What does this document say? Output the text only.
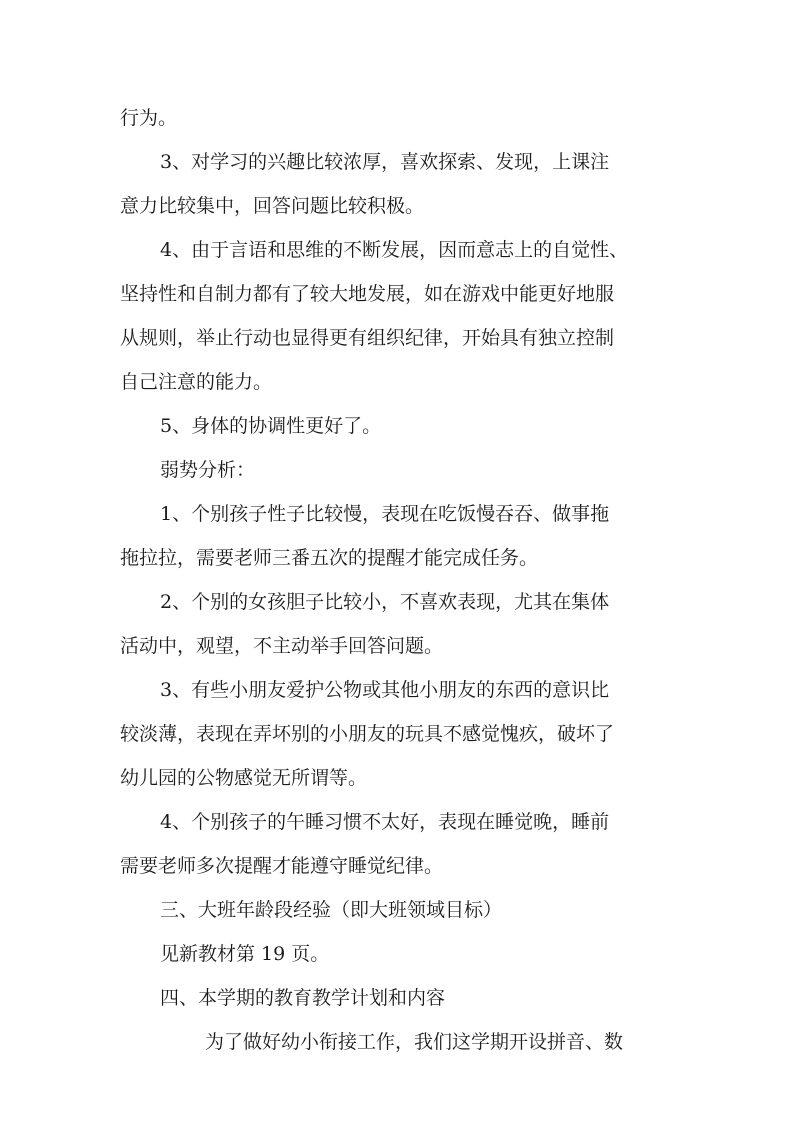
行为。
3、对学习的兴趣比较浓厚，喜欢探索、发现，上课注
意力比较集中，回答问题比较积极。
4、由于言语和思维的不断发展，因而意志上的自觉性、
坚持性和自制力都有了较大地发展，如在游戏中能更好地服
从规则，举止行动也显得更有组织纪律，开始具有独立控制
自己注意的能力。
5、身体的协调性更好了。
弱势分析：
1、个别孩子性子比较慢，表现在吃饭慢吞吞、做事拖
拖拉拉，需要老师三番五次的提醒才能完成任务。
2、个别的女孩胆子比较小，不喜欢表现，尤其在集体
活动中，观望，不主动举手回答问题。
3、有些小朋友爱护公物或其他小朋友的东西的意识比
较淡薄，表现在弄坏别的小朋友的玩具不感觉愧疚，破坏了
幼儿园的公物感觉无所谓等。
4、个别孩子的午睡习惯不太好，表现在睡觉晚，睡前
需要老师多次提醒才能遵守睡觉纪律。
三、大班年龄段经验（即大班领域目标）
见新教材第 19 页。
四、本学期的教育教学计划和内容
为了做好幼小衔接工作，我们这学期开设拼音、数
